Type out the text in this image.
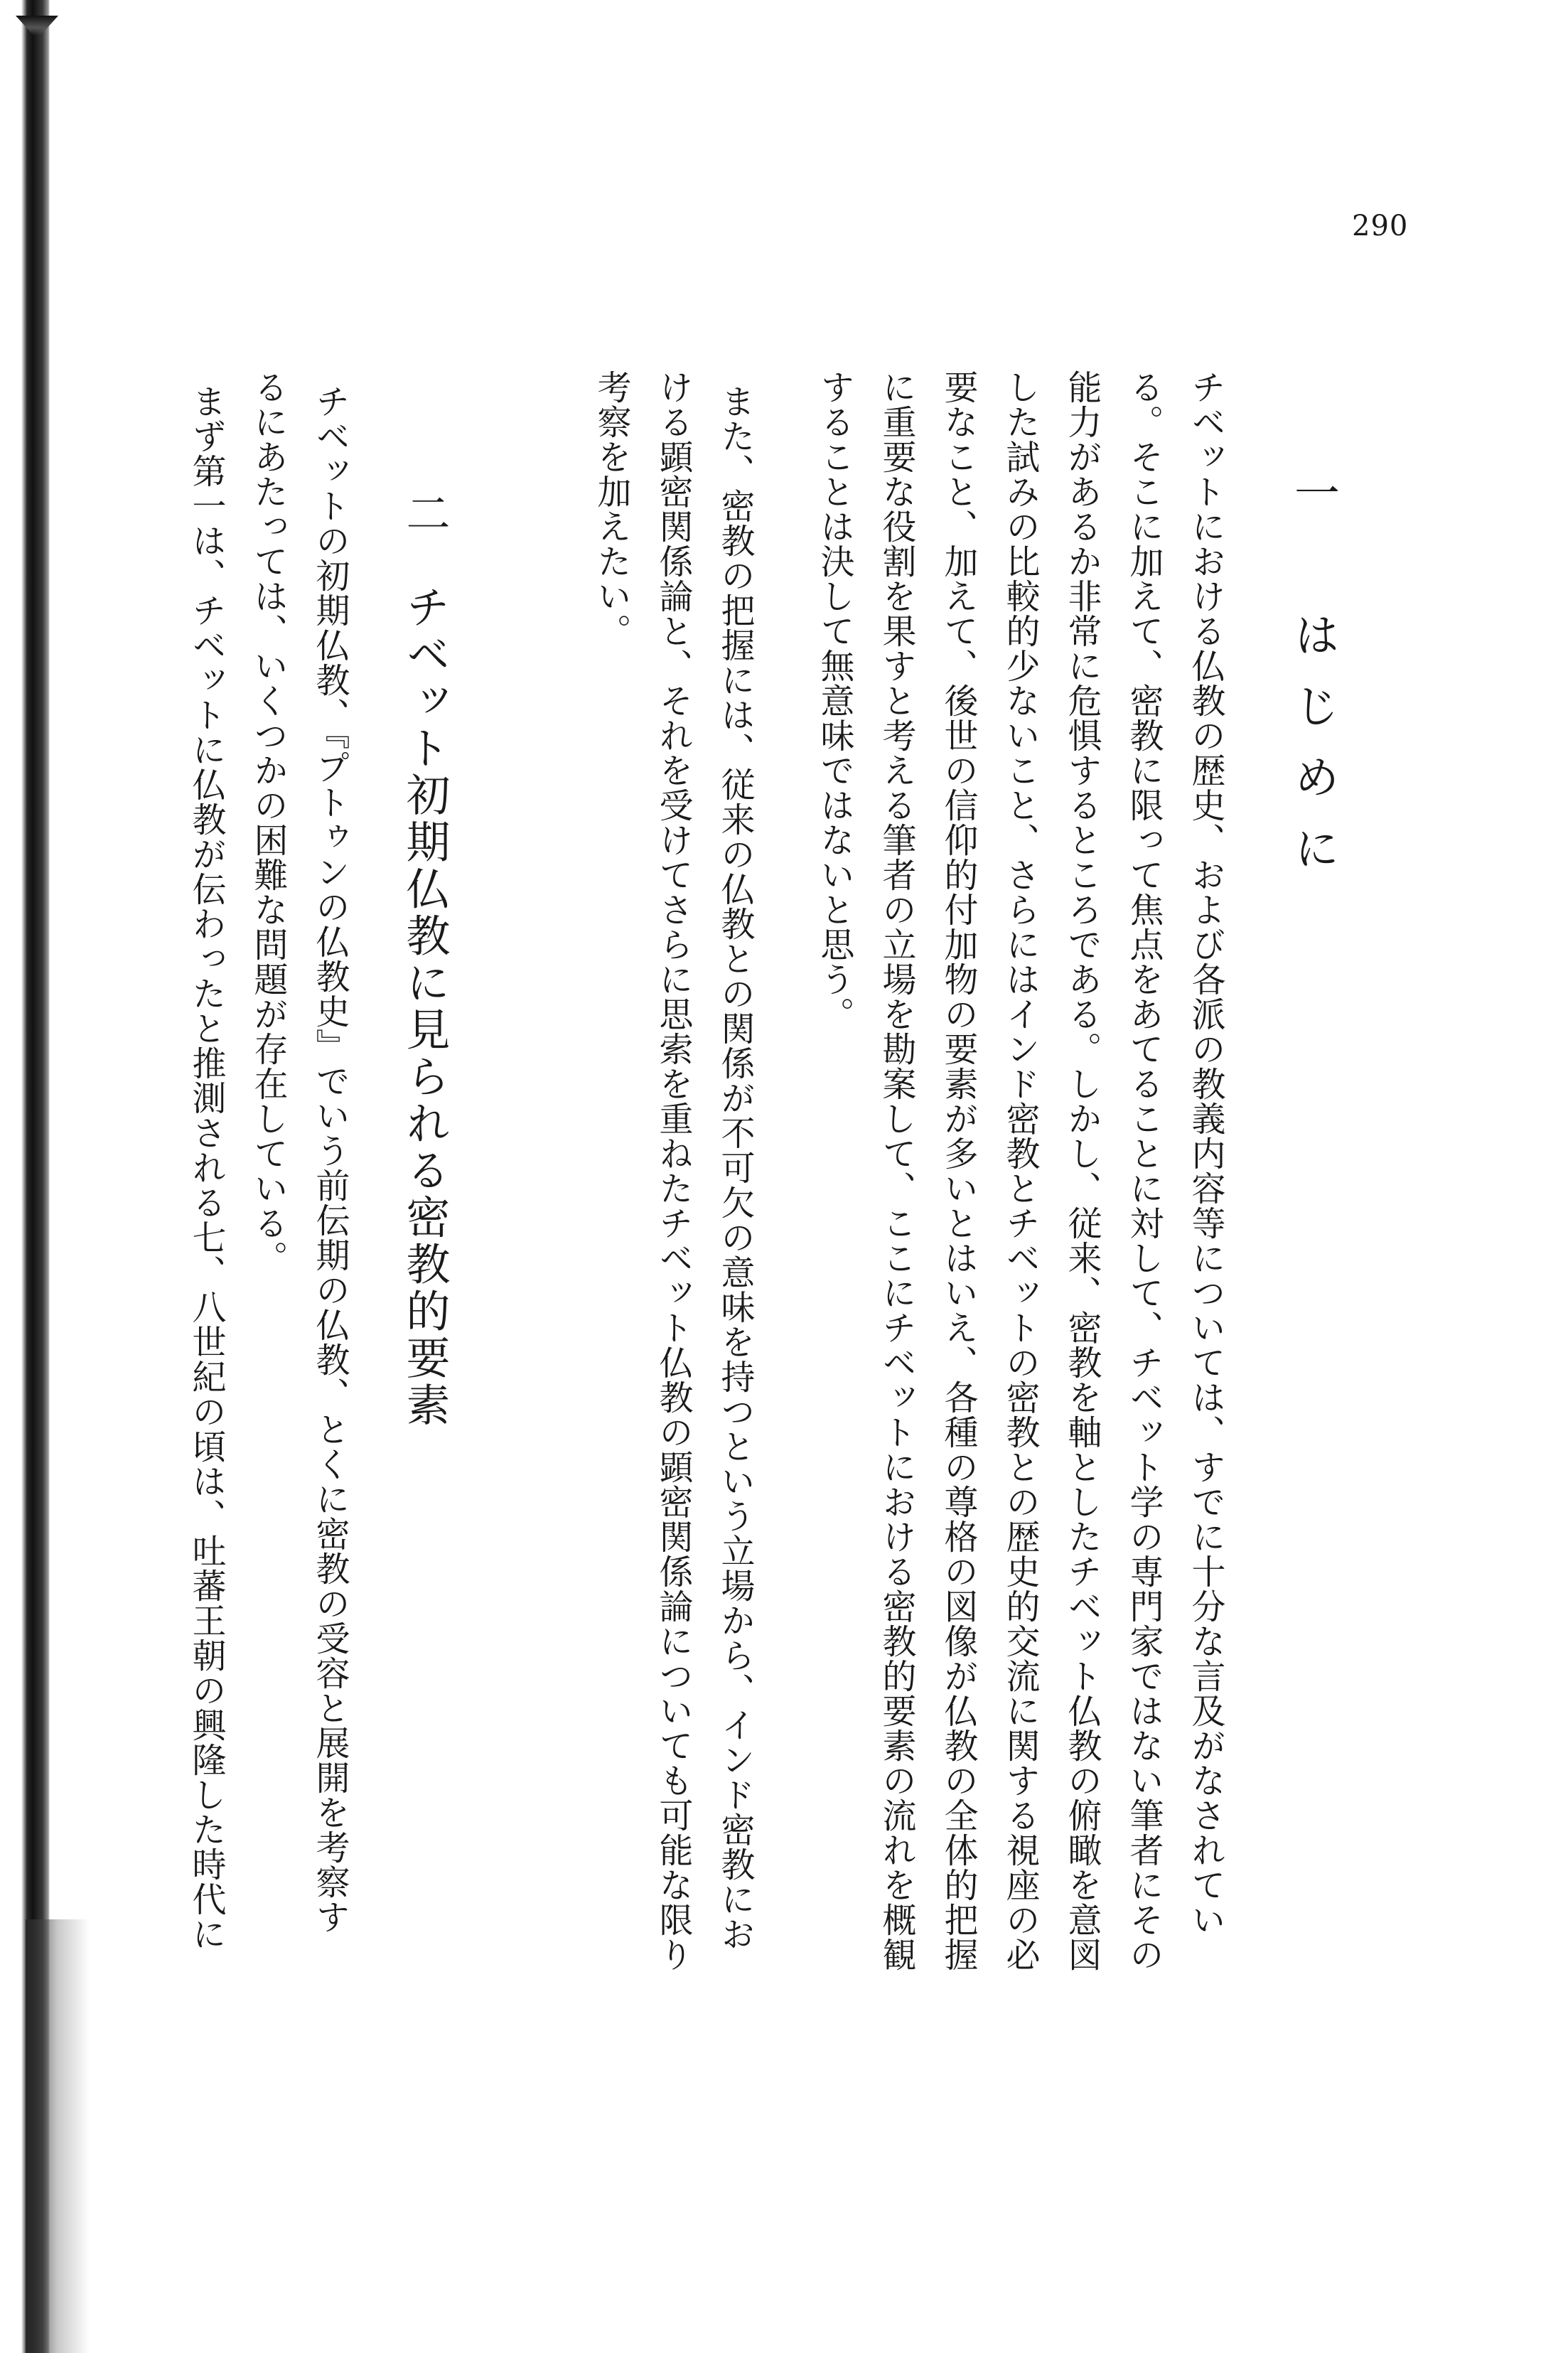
290
一　はじめに
チベットにおける仏教の歴史、および各派の教義内容等については、すでに十分な言及がなされてい
る。そこに加えて、密教に限って焦点をあてることに対して、チベット学の専門家ではない筆者にその
能力があるか非常に危惧するところである。しかし、従来、密教を軸としたチベット仏教の俯瞰を意図
した試みの比較的少ないこと、さらにはインド密教とチベットの密教との歴史的交流に関する視座の必
要なこと、加えて、後世の信仰的付加物の要素が多いとはいえ、各種の尊格の図像が仏教の全体的把握
に重要な役割を果すと考える筆者の立場を勘案して、ここにチベットにおける密教的要素の流れを概観
することは決して無意味ではないと思う。
また、密教の把握には、従来の仏教との関係が不可欠の意味を持つという立場から、インド密教にお
ける顕密関係論と、それを受けてさらに思索を重ねたチベット仏教の顕密関係論についても可能な限り
考察を加えたい。
二　チベット初期仏教に見られる密教的要素
チベットの初期仏教、『プトゥンの仏教史』でいう前伝期の仏教、とくに密教の受容と展開を考察す
るにあたっては、いくつかの困難な問題が存在している。
まず第一は、チベットに仏教が伝わったと推測される七、八世紀の頃は、吐蕃王朝の興隆した時代に
